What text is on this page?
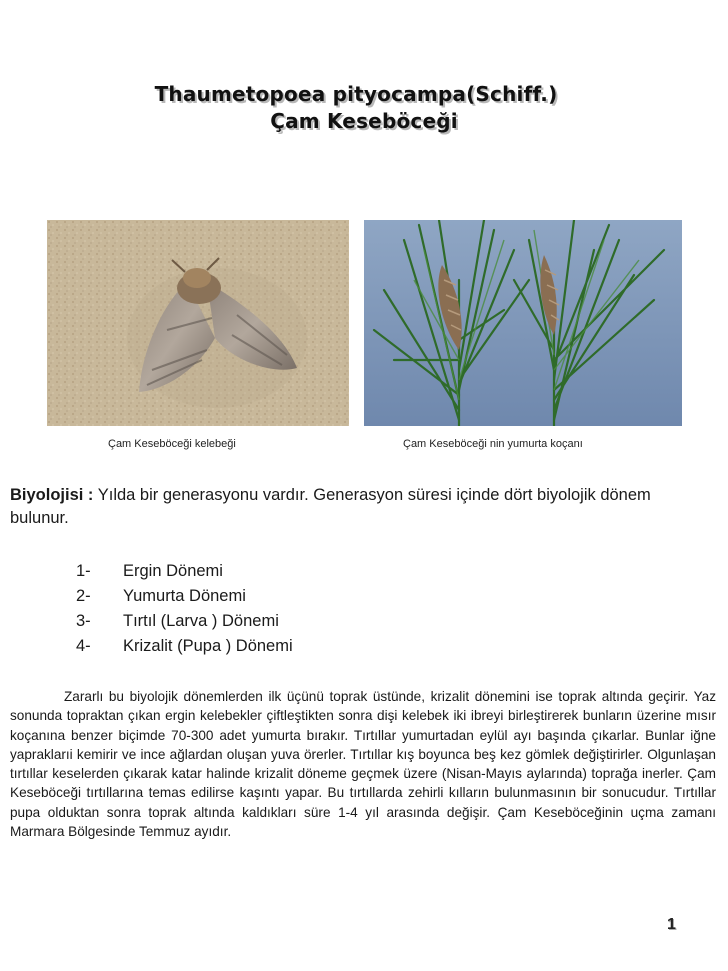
Thaumetopoea pityocampa(Schiff.)
Çam Keseböceği
Çam Keseböceği kelebeği	Çam Keseböceği nin yumurta koçanı
Biyolojisi : Yılda bir generasyonu vardır. Generasyon süresi içinde dört biyolojik dönem bulunur.
1-	Ergin Dönemi
2-	Yumurta Dönemi
3-	Tırtıl (Larva ) Dönemi
4-	Krizalit (Pupa ) Dönemi

Zararlı bu biyolojik dönemlerden ilk üçünü toprak üstünde, krizalit dönemini ise toprak altında geçirir. Yaz sonunda topraktan çıkan ergin kelebekler çiftleştikten sonra dişi kelebek iki ibreyi birleştirerek bunların üzerine mısır koçanına benzer biçimde 70-300 adet yumurta bırakır. Tırtıllar yumurtadan eylül ayı başında çıkarlar. Bunlar iğne yapraklarıi kemirir ve ince ağlardan oluşan yuva örerler. Tırtıllar kış boyunca beş kez gömlek değiştirirler. Olgunlaşan tırtıllar keselerden çıkarak katar halinde krizalit döneme geçmek üzere (Nisan-Mayıs aylarında) toprağa inerler. Çam Keseböceği tırtıllarına temas edilirse kaşıntı yapar. Bu tırtıllarda zehirli kılların bulunmasının bir sonucudur. Tırtıllar pupa olduktan sonra toprak altında kaldıkları süre 1-4 yıl arasında değişir. Çam Keseböceğinin uçma zamanı Marmara Bölgesinde Temmuz ayıdır.

1
